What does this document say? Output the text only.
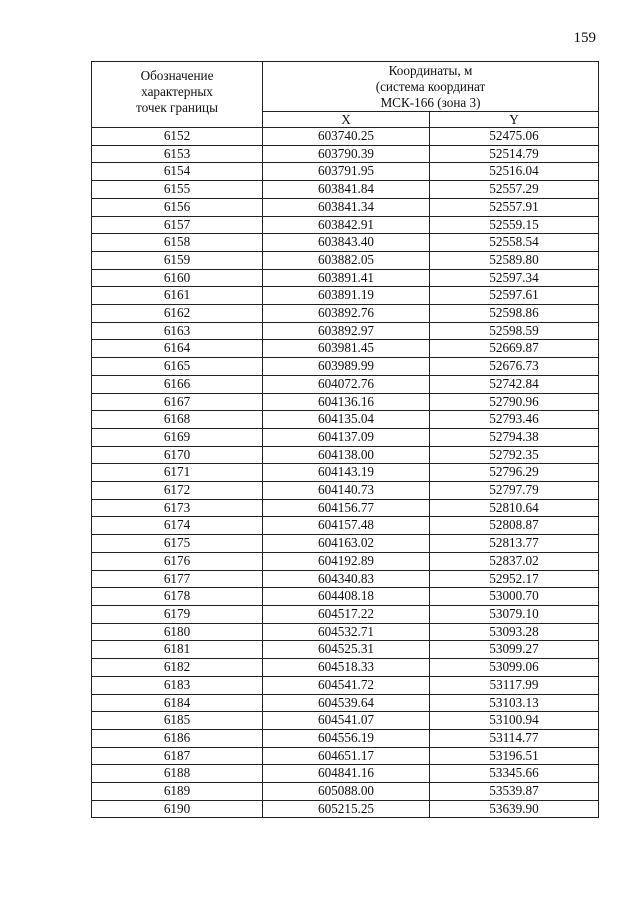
159
Обозначение
характерных
точек границы	Координаты, м
(система координат
МСК-166 (зона 3)	

	X	Y
6152	603740.25	52475.06
6153	603790.39	52514.79
6154	603791.95	52516.04
6155	603841.84	52557.29
6156	603841.34	52557.91
6157	603842.91	52559.15
6158	603843.40	52558.54
6159	603882.05	52589.80
6160	603891.41	52597.34
6161	603891.19	52597.61
6162	603892.76	52598.86
6163	603892.97	52598.59
6164	603981.45	52669.87
6165	603989.99	52676.73
6166	604072.76	52742.84
6167	604136.16	52790.96
6168	604135.04	52793.46
6169	604137.09	52794.38
6170	604138.00	52792.35
6171	604143.19	52796.29
6172	604140.73	52797.79
6173	604156.77	52810.64
6174	604157.48	52808.87
6175	604163.02	52813.77
6176	604192.89	52837.02
6177	604340.83	52952.17
6178	604408.18	53000.70
6179	604517.22	53079.10
6180	604532.71	53093.28
6181	604525.31	53099.27
6182	604518.33	53099.06
6183	604541.72	53117.99
6184	604539.64	53103.13
6185	604541.07	53100.94
6186	604556.19	53114.77
6187	604651.17	53196.51
6188	604841.16	53345.66
6189	605088.00	53539.87
6190	605215.25	53639.90
